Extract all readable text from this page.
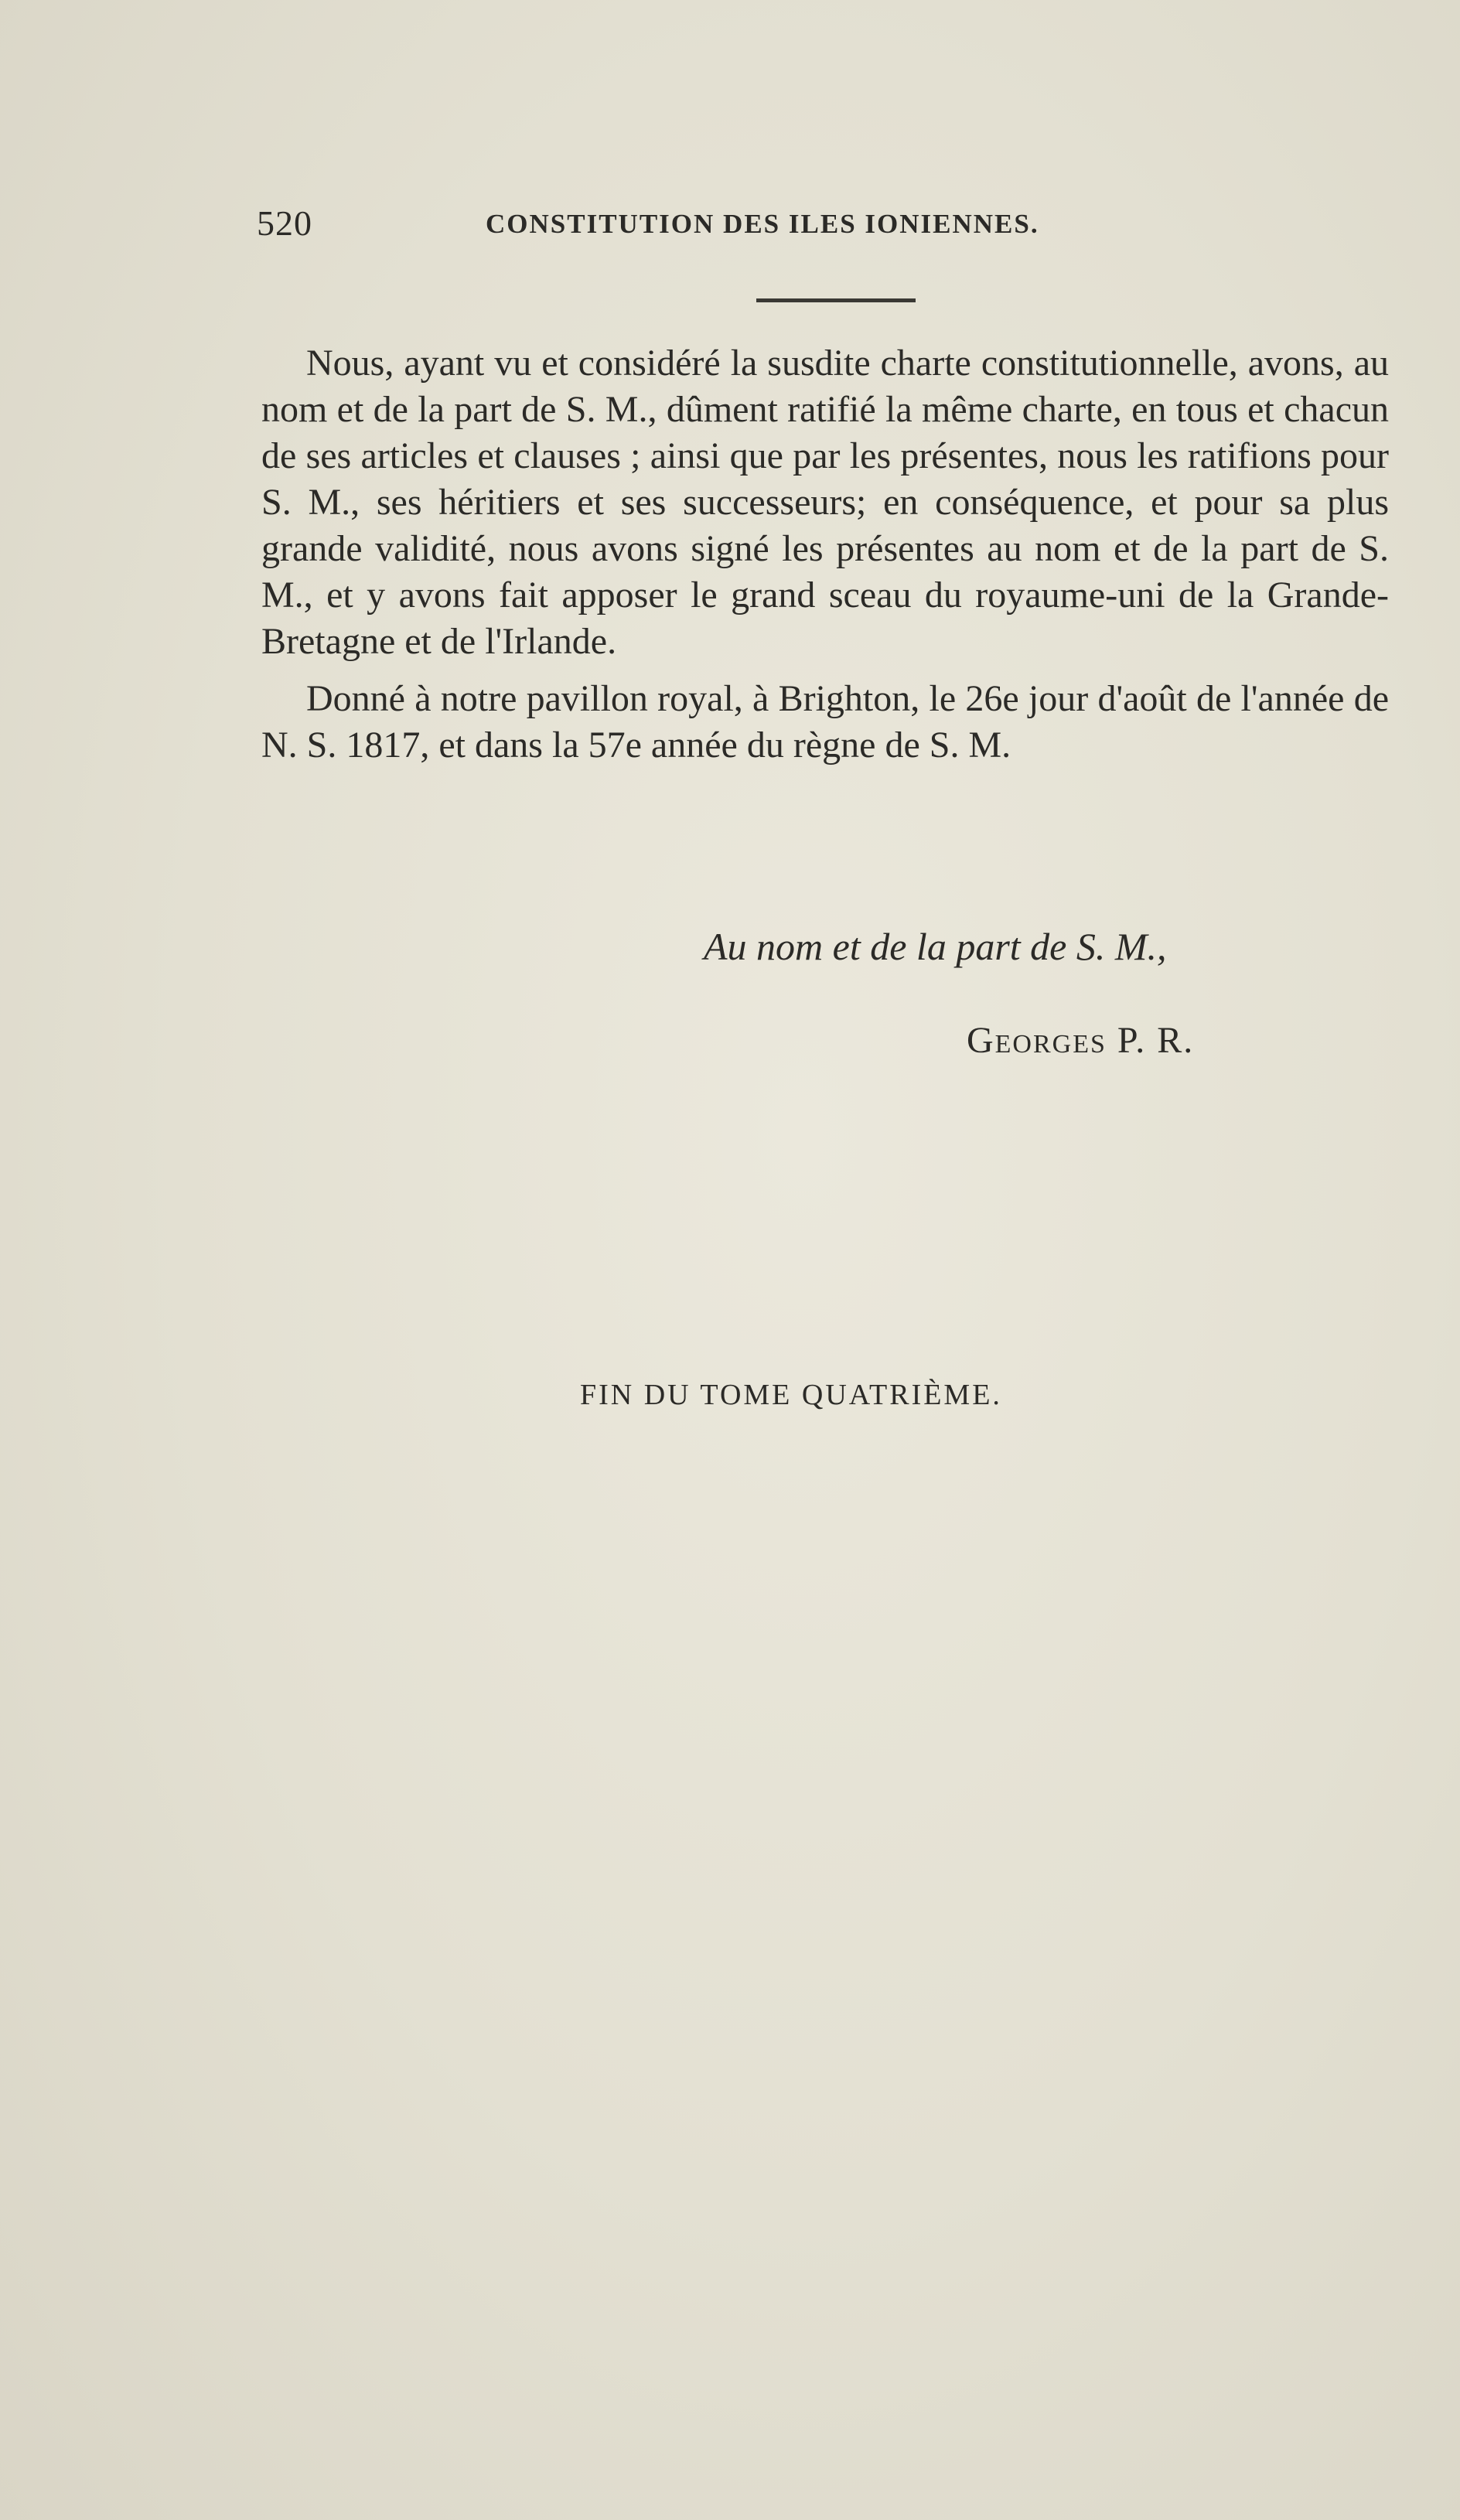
520	CONSTITUTION DES ILES IONIENNES.

Nous, ayant vu et considéré la susdite charte constitutionnelle, avons, au nom et de la part de S. M., dûment ratifié la même charte, en tous et chacun de ses articles et clauses ; ainsi que par les présentes, nous les ratifions pour S. M., ses héritiers et ses successeurs; en conséquence, et pour sa plus grande validité, nous avons signé les présentes au nom et de la part de S. M., et y avons fait apposer le grand sceau du royaume-uni de la Grande-Bretagne et de l'Irlande.

Donné à notre pavillon royal, à Brighton, le 26e jour d'août de l'année de N. S. 1817, et dans la 57e année du règne de S. M.

Au nom et de la part de S. M.,
Georges P. R.
FIN DU TOME QUATRIÈME.
